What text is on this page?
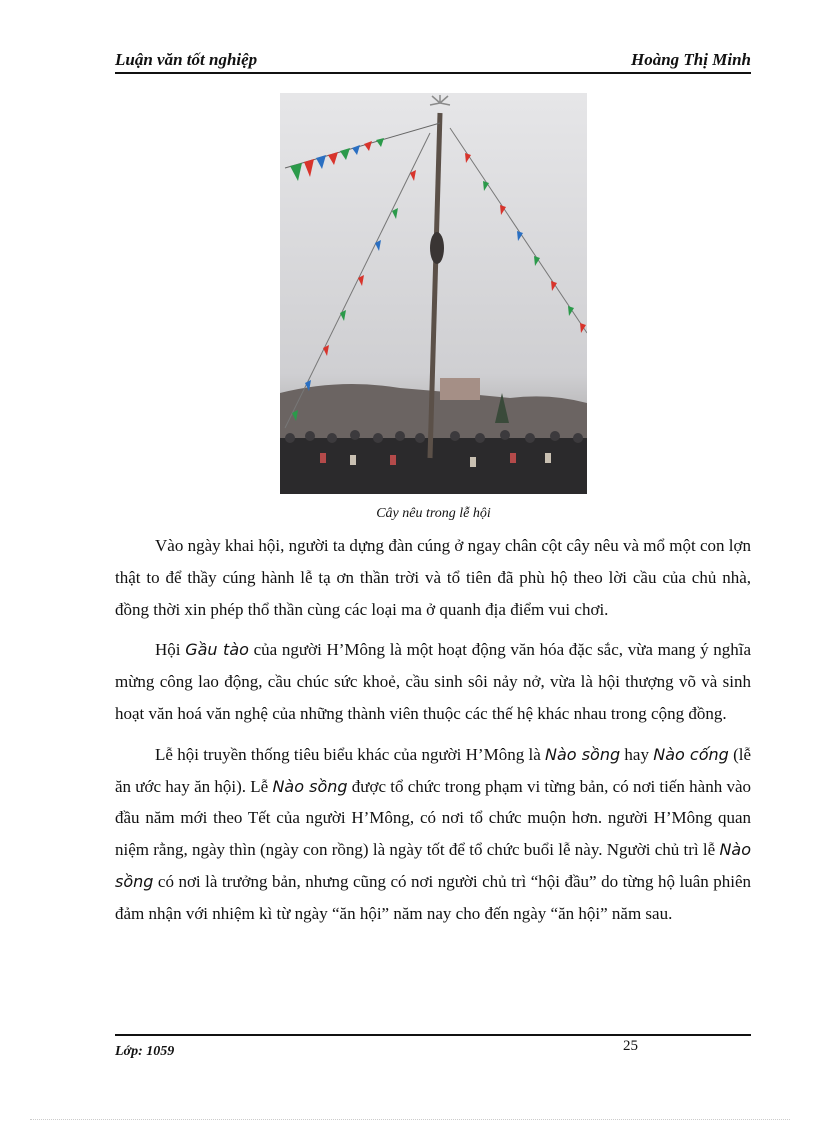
Luận văn tốt nghiệp	Hoàng Thị Minh
Cây nêu trong lễ hội

Vào ngày khai hội, người ta dựng đàn cúng ở ngay chân cột cây nêu và mổ một con lợn thật to để thầy cúng hành lễ tạ ơn thần trời và tổ tiên đã phù hộ theo lời cầu của chủ nhà, đồng thời xin phép thổ thần cùng các loại ma ở quanh địa điểm vui chơi.

Hội Gầu tào của người H’Mông là một hoạt động văn hóa đặc sắc, vừa mang ý nghĩa mừng công lao động, cầu chúc sức khoẻ, cầu sinh sôi nảy nở, vừa là hội thượng võ và sinh hoạt văn hoá văn nghệ của những thành viên thuộc các thế hệ khác nhau trong cộng đồng.

Lễ hội truyền thống tiêu biểu khác của người H’Mông là Nào sồng hay Nào cống (lễ ăn ước hay ăn hội). Lễ Nào sồng được tổ chức trong phạm vi từng bản, có nơi tiến hành vào đầu năm mới theo Tết của người H’Mông, có nơi tổ chức muộn hơn. người H’Mông quan niệm rằng, ngày thìn (ngày con rồng) là ngày tốt để tổ chức buổi lễ này. Người chủ trì lễ Nào sồng có nơi là trưởng bản, nhưng cũng có nơi người chủ trì “hội đầu” do từng hộ luân phiên đảm nhận với nhiệm kì từ ngày “ăn hội” năm nay cho đến ngày “ăn hội” năm sau.

Lớp: 1059	25
